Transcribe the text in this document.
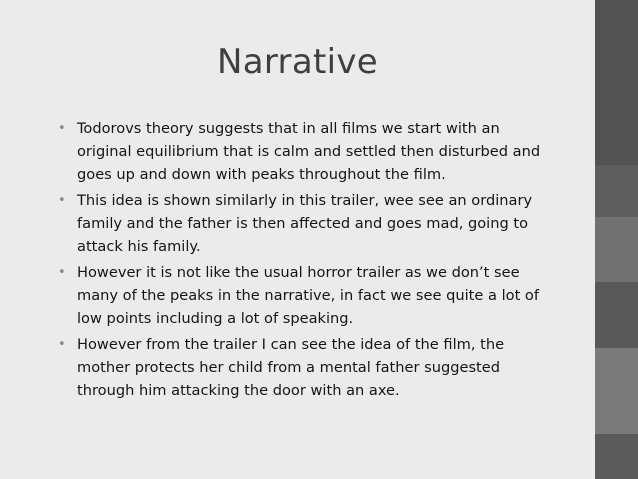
Narrative
• Todorovs theory suggests that in all films we start with an original equilibrium that is calm and settled then disturbed and goes up and down with peaks throughout the film.
• This idea is shown similarly in this trailer, wee see an ordinary family and the father is then affected and goes mad, going to attack his family.
• However it is not like the usual horror trailer as we don’t see many of the peaks in the narrative, in fact we see quite a lot of low points including a lot of speaking.
• However from the trailer I can see the idea of the film, the mother protects her child from a mental father suggested through him attacking the door with an axe.
